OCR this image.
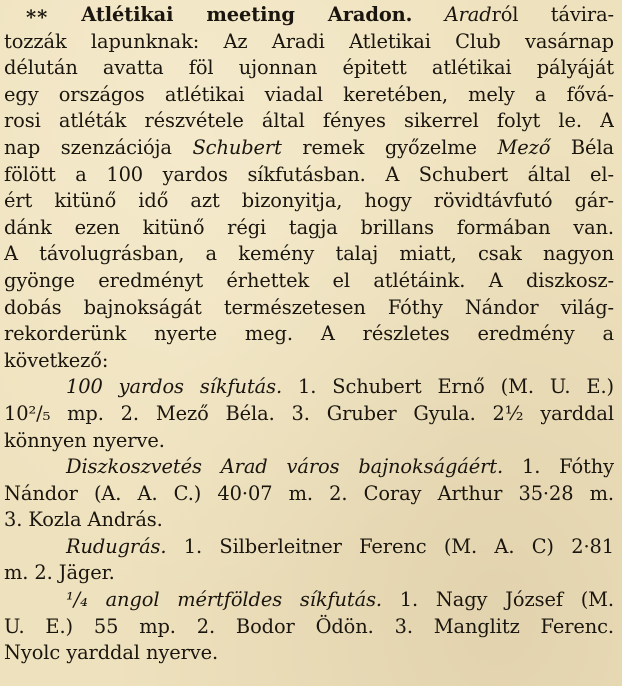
** Atlétikai meeting Aradon. Aradról távira-
tozzák lapunknak: Az Aradi Atletikai Club vasárnap
délután avatta föl ujonnan épitett atlétikai pályáját
egy országos atlétikai viadal keretében, mely a fővá-
rosi atléták részvétele által fényes sikerrel folyt le. A
nap szenzációja Schubert remek győzelme Mező Béla
fölött a 100 yardos síkfutásban. A Schubert által el-
ért kitünő idő azt bizonyitja, hogy rövidtávfutó gár-
dánk ezen kitünő régi tagja brillans formában van.
A távolugrásban, a kemény talaj miatt, csak nagyon
gyönge eredményt érhettek el atlétáink. A diszkosz-
dobás bajnokságát természetesen Fóthy Nándor világ-
rekorderünk nyerte meg. A részletes eredmény a
következő:
100 yardos síkfutás. 1. Schubert Ernő (M. U. E.)
10²/₅ mp. 2. Mező Béla. 3. Gruber Gyula. 2½ yarddal
könnyen nyerve.
Diszkoszvetés Arad város bajnokságáért. 1. Fóthy
Nándor (A. A. C.) 40·07 m. 2. Coray Arthur 35·28 m.
3. Kozla András.
Rudugrás. 1. Silberleitner Ferenc (M. A. C) 2·81
m. 2. Jäger.
¹/₄ angol mértföldes síkfutás. 1. Nagy József (M.
U. E.) 55 mp. 2. Bodor Ödön. 3. Manglitz Ferenc.
Nyolc yarddal nyerve.
